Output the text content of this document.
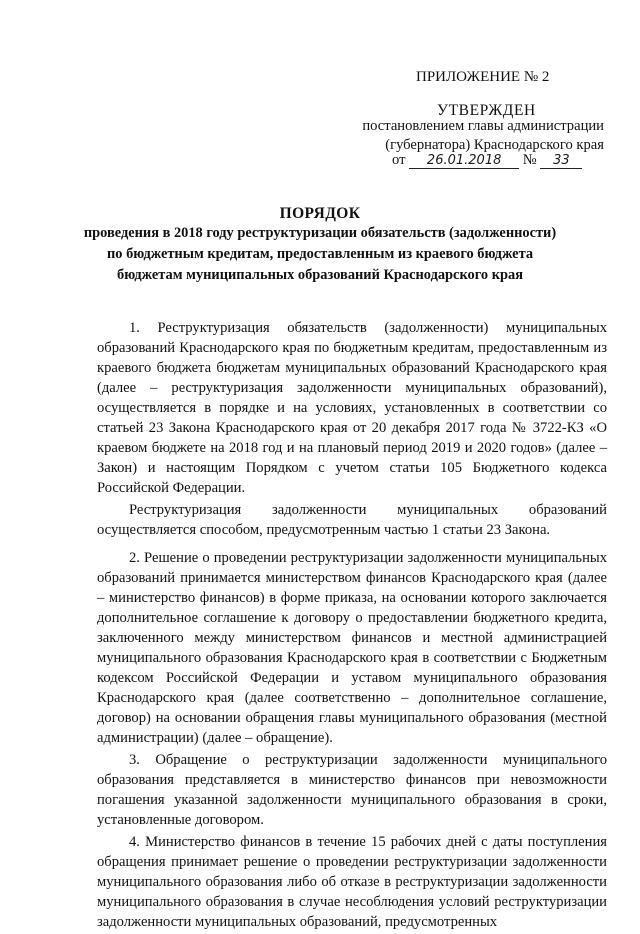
ПРИЛОЖЕНИЕ № 2
УТВЕРЖДЕН
постановлением главы администрации
(губернатора) Краснодарского края
от 26.01.2018 № 33
ПОРЯДОК
проведения в 2018 году реструктуризации обязательств (задолженности) по бюджетным кредитам, предоставленным из краевого бюджета бюджетам муниципальных образований Краснодарского края

1. Реструктуризация обязательств (задолженности) муниципальных образований Краснодарского края по бюджетным кредитам, предоставленным из краевого бюджета бюджетам муниципальных образований Краснодарского края (далее – реструктуризация задолженности муниципальных образований), осуществляется в порядке и на условиях, установленных в соответствии со статьей 23 Закона Краснодарского края от 20 декабря 2017 года № 3722-КЗ «О краевом бюджете на 2018 год и на плановый период 2019 и 2020 годов» (далее – Закон) и настоящим Порядком с учетом статьи 105 Бюджетного кодекса Российской Федерации.

Реструктуризация задолженности муниципальных образований осуществляется способом, предусмотренным частью 1 статьи 23 Закона.

2. Решение о проведении реструктуризации задолженности муниципальных образований принимается министерством финансов Краснодарского края (далее – министерство финансов) в форме приказа, на основании которого заключается дополнительное соглашение к договору о предоставлении бюджетного кредита, заключенного между министерством финансов и местной администрацией муниципального образования Краснодарского края в соответствии с Бюджетным кодексом Российской Федерации и уставом муниципального образования Краснодарского края (далее соответственно – дополнительное соглашение, договор) на основании обращения главы муниципального образования (местной администрации) (далее – обращение).

3. Обращение о реструктуризации задолженности муниципального образования представляется в министерство финансов при невозможности погашения указанной задолженности муниципального образования в сроки, установленные договором.

4. Министерство финансов в течение 15 рабочих дней с даты поступления обращения принимает решение о проведении реструктуризации задолженности муниципального образования либо об отказе в реструктуризации задолженности муниципального образования в случае несоблюдения условий реструктуризации задолженности муниципальных образований, предусмотренных
